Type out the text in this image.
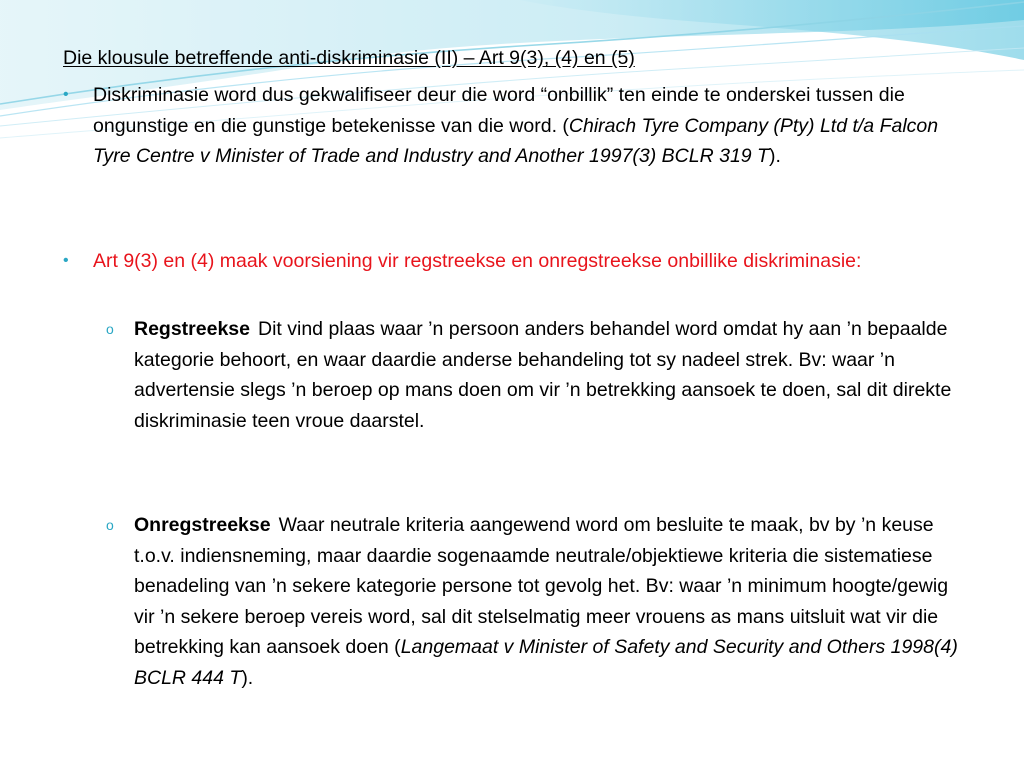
Die klousule betreffende anti-diskriminasie (II) – Art 9(3), (4) en (5)
•	Diskriminasie word dus gekwalifiseer deur die word “onbillik” ten einde te onderskei tussen die ongunstige en die gunstige betekenisse van die word. (Chirach Tyre Company (Pty) Ltd t/a Falcon Tyre Centre v Minister of Trade and Industry and Another 1997(3) BCLR 319 T).
•	Art 9(3) en (4) maak voorsiening vir regstreekse en onregstreekse onbillike diskriminasie:
o	Regstreekse Dit vind plaas waar ’n persoon anders behandel word omdat hy aan ’n bepaalde kategorie behoort, en waar daardie anderse behandeling tot sy nadeel strek. Bv: waar ’n advertensie slegs ’n beroep op mans doen om vir ’n betrekking aansoek te doen, sal dit direkte diskriminasie teen vroue daarstel.
o	Onregstreekse Waar neutrale kriteria aangewend word om besluite te maak, bv by ’n keuse t.o.v. indiensneming, maar daardie sogenaamde neutrale/objektiewe kriteria die sistematiese benadeling van ’n sekere kategorie persone tot gevolg het. Bv: waar ’n minimum hoogte/gewig vir ’n sekere beroep vereis word, sal dit stelselmatig meer vrouens as mans uitsluit wat vir die betrekking kan aansoek doen (Langemaat v Minister of Safety and Security and Others 1998(4) BCLR 444 T).
